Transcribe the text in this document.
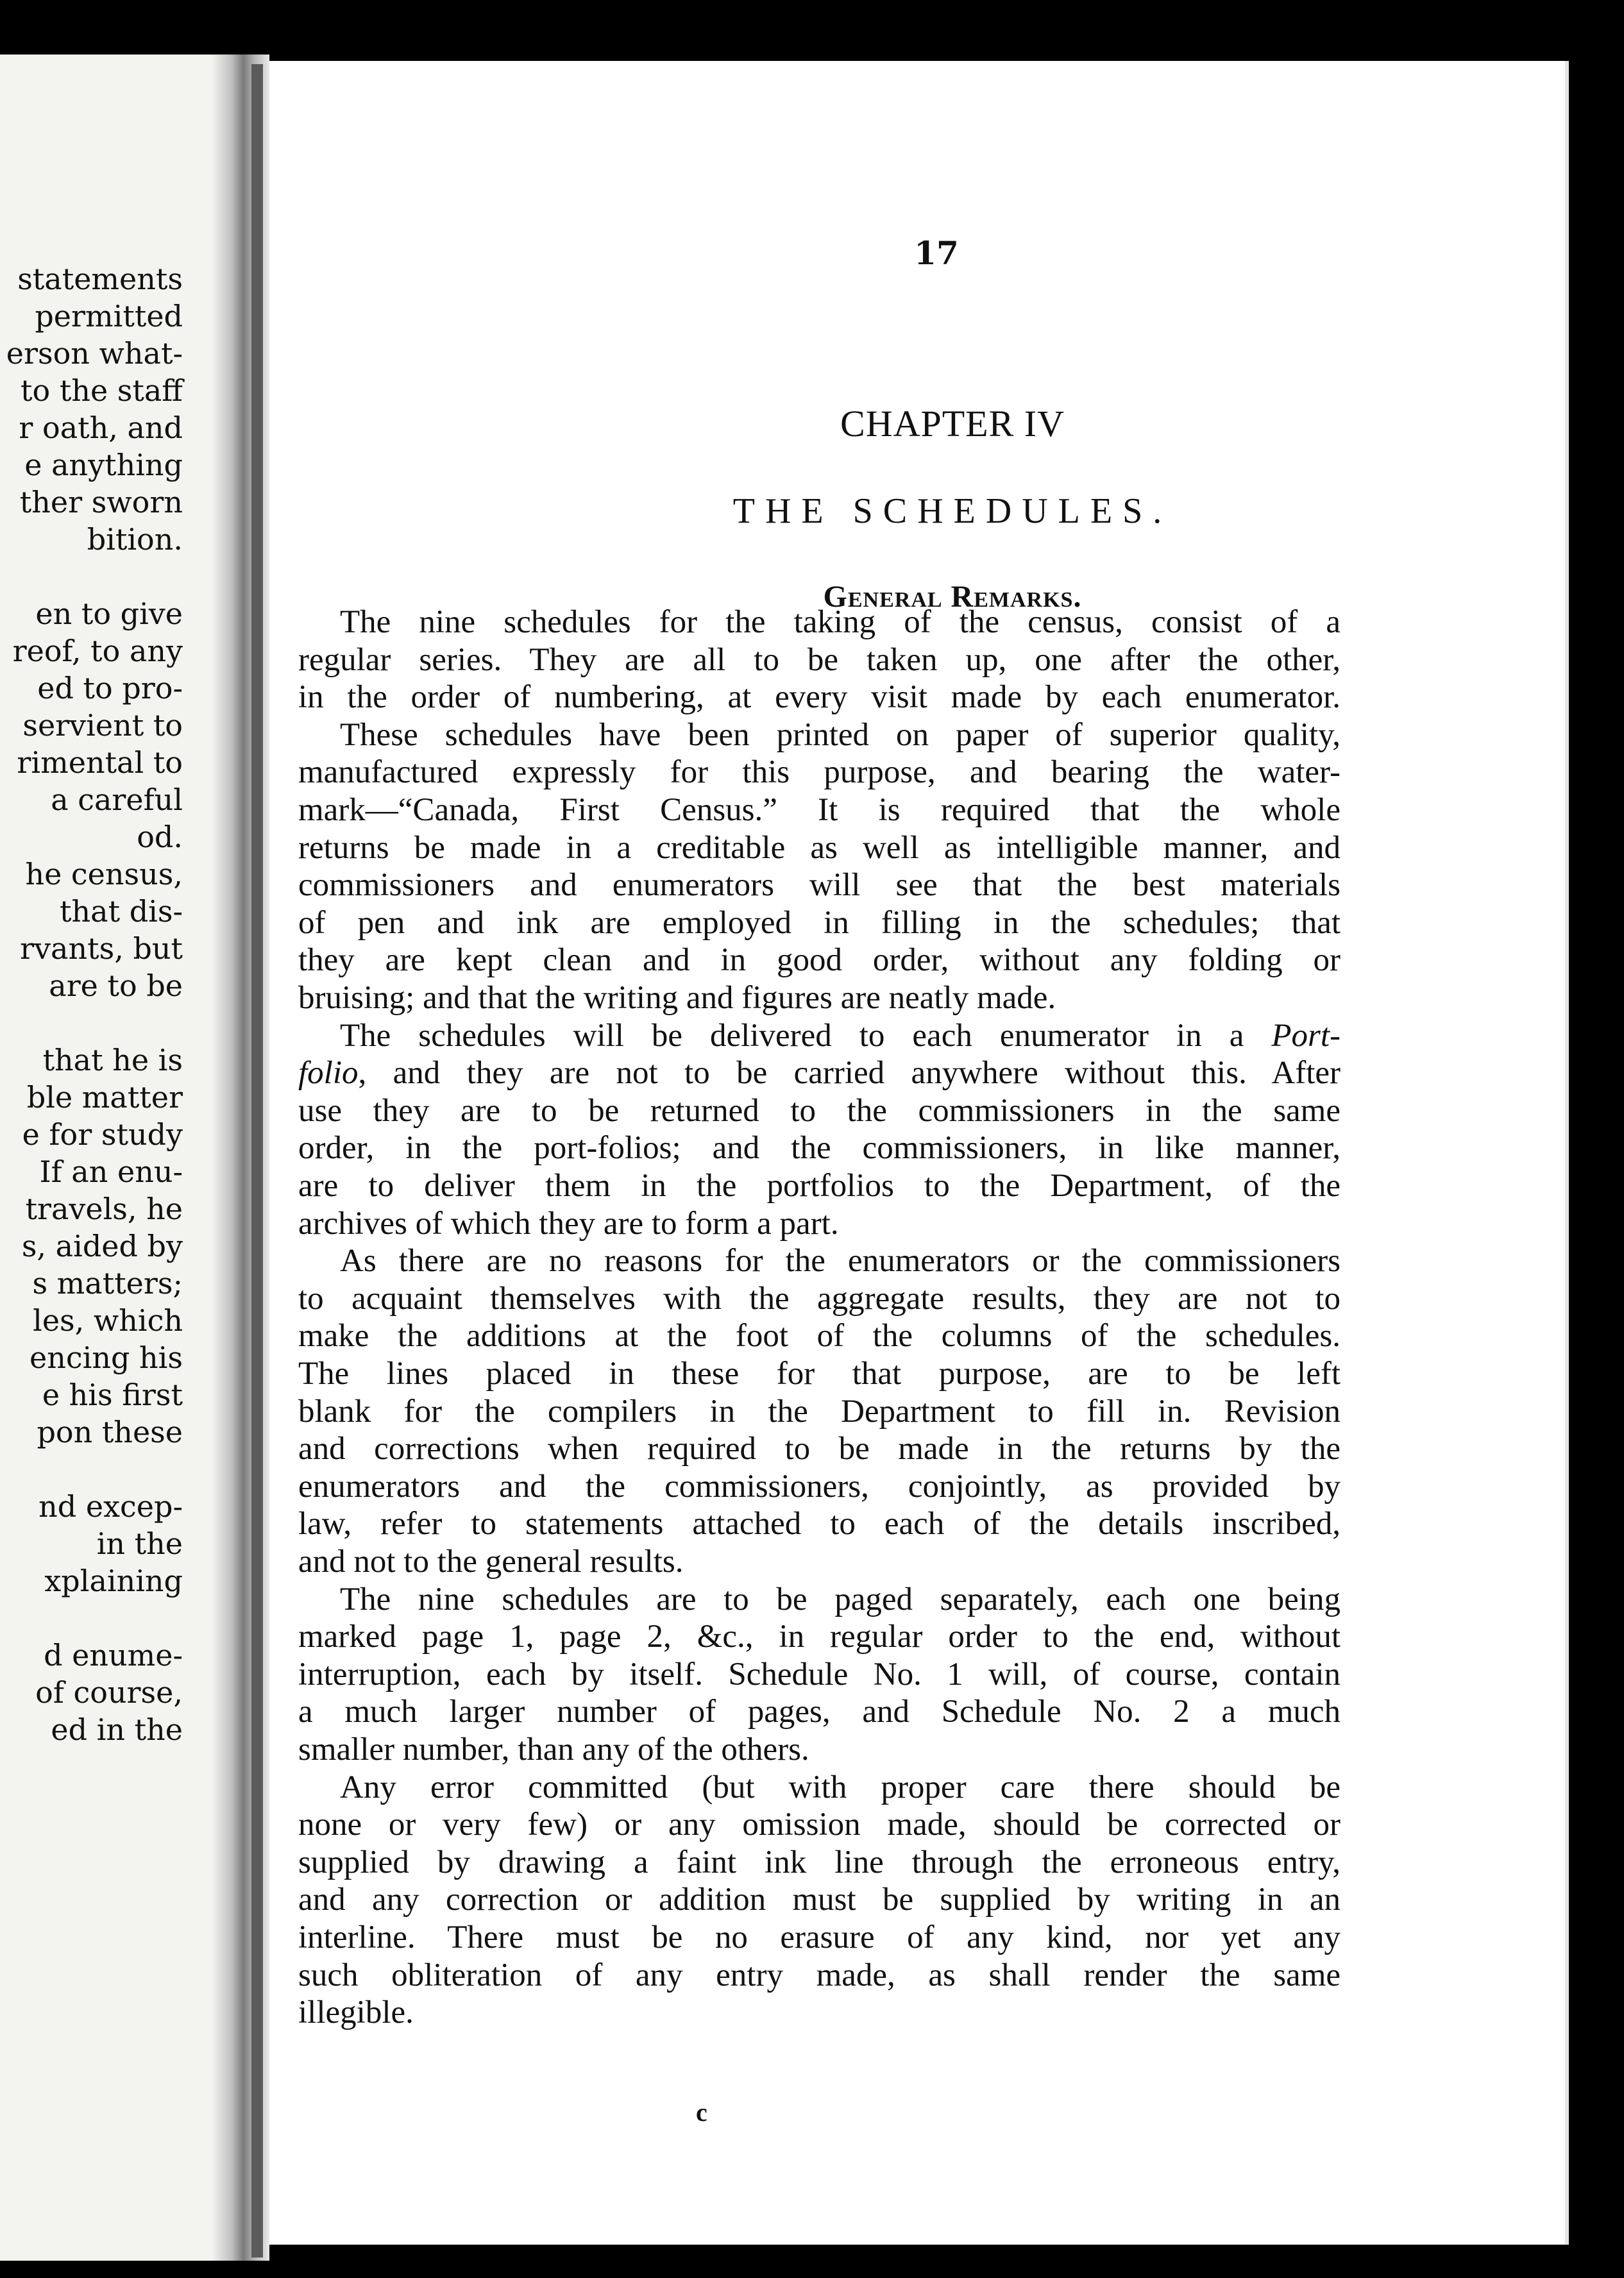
statements
permitted
erson what-
to the staff
r oath, and
e anything
ther sworn
bition.
en to give
reof, to any
ed to pro-
servient to
rimental to
a careful
od.
he census,
that dis-
rvants, but
are to be
that he is
ble matter
e for study
If an enu-
travels, he
s, aided by
s matters;
les, which
encing his
e his first
pon these
nd excep-
in the
xplaining
d enume-
of course,
ed in the
17
CHAPTER IV
THE SCHEDULES.
General Remarks.
c
The nine schedules for the taking of the census, consist of a
regular series. They are all to be taken up, one after the other,
in the order of numbering, at every visit made by each enumerator.
These schedules have been printed on paper of superior quality,
manufactured expressly for this purpose, and bearing the water-
mark—“Canada, First Census.” It is required that the whole
returns be made in a creditable as well as intelligible manner, and
commissioners and enumerators will see that the best materials
of pen and ink are employed in filling in the schedules; that
they are kept clean and in good order, without any folding or
bruising; and that the writing and figures are neatly made.
The schedules will be delivered to each enumerator in a Port-
folio, and they are not to be carried anywhere without this. After
use they are to be returned to the commissioners in the same
order, in the port-folios; and the commissioners, in like manner,
are to deliver them in the portfolios to the Department, of the
archives of which they are to form a part.
As there are no reasons for the enumerators or the commissioners
to acquaint themselves with the aggregate results, they are not to
make the additions at the foot of the columns of the schedules.
The lines placed in these for that purpose, are to be left
blank for the compilers in the Department to fill in. Revision
and corrections when required to be made in the returns by the
enumerators and the commissioners, conjointly, as provided by
law, refer to statements attached to each of the details inscribed,
and not to the general results.
The nine schedules are to be paged separately, each one being
marked page 1, page 2, &c., in regular order to the end, without
interruption, each by itself. Schedule No. 1 will, of course, contain
a much larger number of pages, and Schedule No. 2 a much
smaller number, than any of the others.
Any error committed (but with proper care there should be
none or very few) or any omission made, should be corrected or
supplied by drawing a faint ink line through the erroneous entry,
and any correction or addition must be supplied by writing in an
interline. There must be no erasure of any kind, nor yet any
such obliteration of any entry made, as shall render the same
illegible.
